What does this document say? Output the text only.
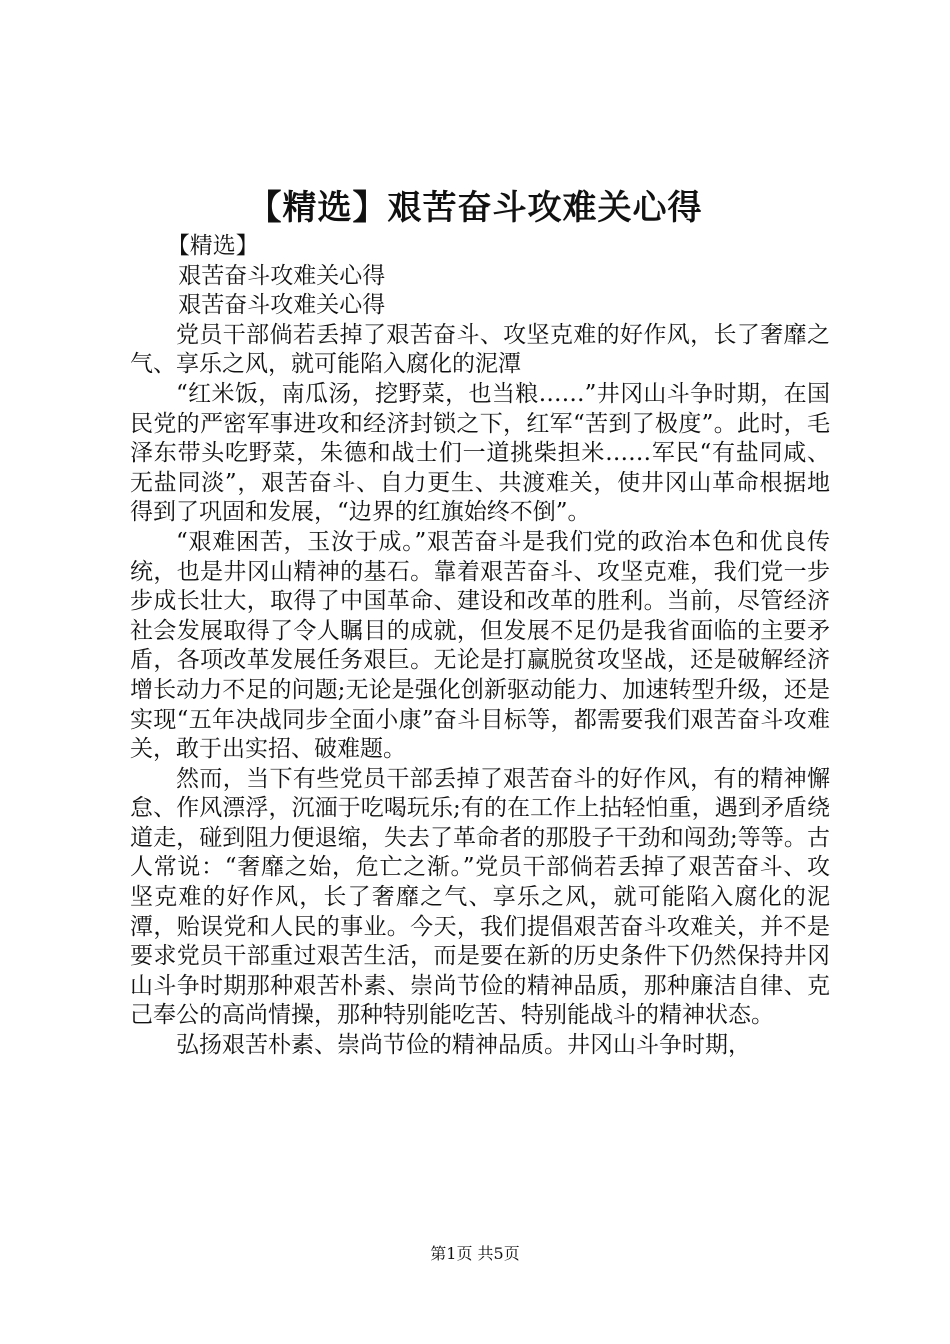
【精选】艰苦奋斗攻难关心得

【精选】

艰苦奋斗攻难关心得

艰苦奋斗攻难关心得

党员干部倘若丢掉了艰苦奋斗、攻坚克难的好作风，长了奢靡之气、享乐之风，就可能陷入腐化的泥潭

“红米饭，南瓜汤，挖野菜，也当粮……”井冈山斗争时期，在国民党的严密军事进攻和经济封锁之下，红军“苦到了极度”。此时，毛泽东带头吃野菜，朱德和战士们一道挑柴担米……军民“有盐同咸、无盐同淡”，艰苦奋斗、自力更生、共渡难关，使井冈山革命根据地得到了巩固和发展，“边界的红旗始终不倒”。

“艰难困苦，玉汝于成。”艰苦奋斗是我们党的政治本色和优良传统，也是井冈山精神的基石。靠着艰苦奋斗、攻坚克难，我们党一步步成长壮大，取得了中国革命、建设和改革的胜利。当前，尽管经济社会发展取得了令人瞩目的成就，但发展不足仍是我省面临的主要矛盾，各项改革发展任务艰巨。无论是打赢脱贫攻坚战，还是破解经济增长动力不足的问题;无论是强化创新驱动能力、加速转型升级，还是实现“五年决战同步全面小康”奋斗目标等，都需要我们艰苦奋斗攻难关，敢于出实招、破难题。

然而，当下有些党员干部丢掉了艰苦奋斗的好作风，有的精神懈怠、作风漂浮，沉湎于吃喝玩乐;有的在工作上拈轻怕重，遇到矛盾绕道走，碰到阻力便退缩，失去了革命者的那股子干劲和闯劲;等等。古人常说：“奢靡之始，危亡之渐。”党员干部倘若丢掉了艰苦奋斗、攻坚克难的好作风，长了奢靡之气、享乐之风，就可能陷入腐化的泥潭，贻误党和人民的事业。今天，我们提倡艰苦奋斗攻难关，并不是要求党员干部重过艰苦生活，而是要在新的历史条件下仍然保持井冈山斗争时期那种艰苦朴素、崇尚节俭的精神品质，那种廉洁自律、克己奉公的高尚情操，那种特别能吃苦、特别能战斗的精神状态。

弘扬艰苦朴素、崇尚节俭的精神品质。井冈山斗争时期，

第1页 共5页
